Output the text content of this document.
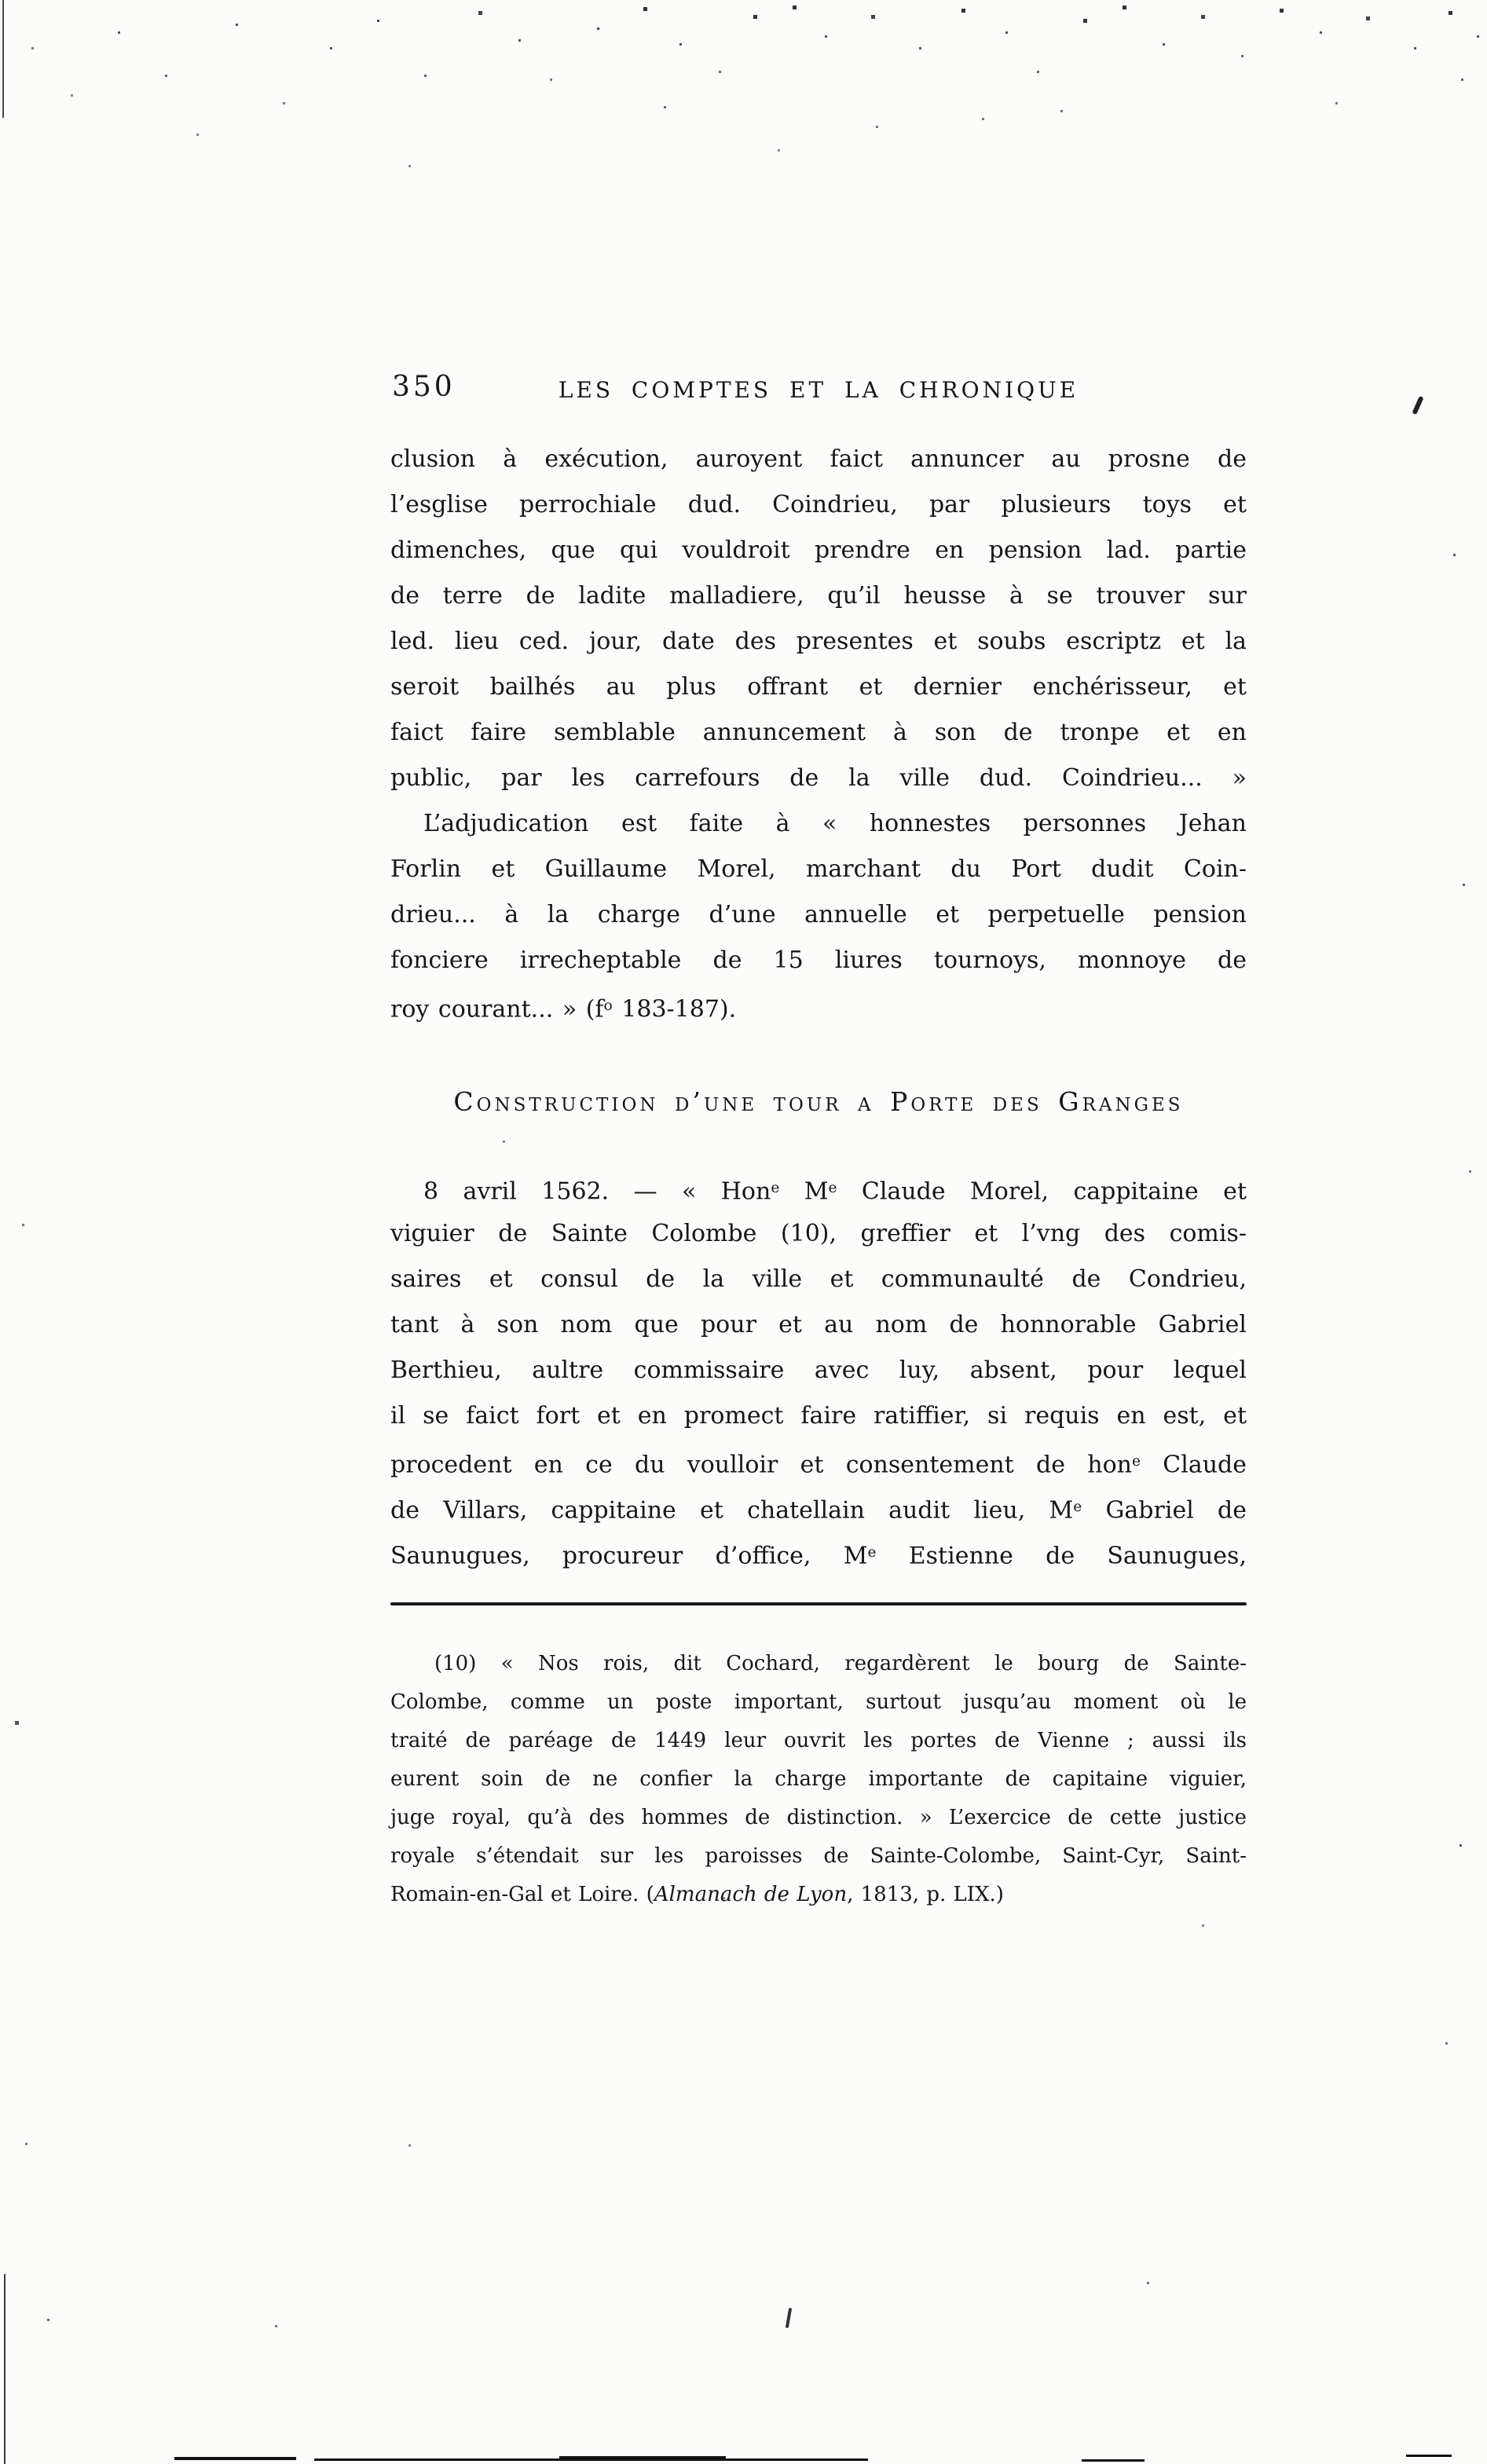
350	LES COMPTES ET LA CHRONIQUE
clusion à exécution, auroyent faict annuncer au prosne de
l’esglise perrochiale dud. Coindrieu, par plusieurs toys et
dimenches, que qui vouldroit prendre en pension lad. partie
de terre de ladite malladiere, qu’il heusse à se trouver sur
led. lieu ced. jour, date des presentes et soubs escriptz et la
seroit bailhés au plus offrant et dernier enchérisseur, et
faict faire semblable annuncement à son de tronpe et en
public, par les carrefours de la ville dud. Coindrieu... »
L’adjudication est faite à « honnestes personnes Jehan
Forlin et Guillaume Morel, marchant du Port dudit Coin-
drieu... à la charge d’une annuelle et perpetuelle pension
fonciere irrecheptable de 15 liures tournoys, monnoye de
roy courant... » ($f^o$ 183-187).
Construction d’une tour a Porte des Granges
8 avril 1562. — « Hon$^e$ Me Claude Morel, cappitaine et
viguier de Sainte Colombe (10), greffier et l’vng des comis-
saires et consul de la ville et communaulté de Condrieu,
tant à son nom que pour et au nom de honnorable Gabriel
Berthieu, aultre commissaire avec luy, absent, pour lequel
il se faict fort et en promect faire ratiffier, si requis en est, et
procedent en ce du voulloir et consentement de hon$^e$ Claude
de Villars, cappitaine et chatellain audit lieu, Me Gabriel de
Saunugues, procureur d’office, Me Estienne de Saunugues,
(10) « Nos rois, dit Cochard, regardèrent le bourg de Sainte-
Colombe, comme un poste important, surtout jusqu’au moment où le
traité de paréage de 1449 leur ouvrit les portes de Vienne ; aussi ils
eurent soin de ne confier la charge importante de capitaine viguier,
juge royal, qu’à des hommes de distinction. » L’exercice de cette justice
royale s’étendait sur les paroisses de Sainte-Colombe, Saint-Cyr, Saint-
Romain-en-Gal et Loire. (Almanach de Lyon, 1813, p. LIX.)
